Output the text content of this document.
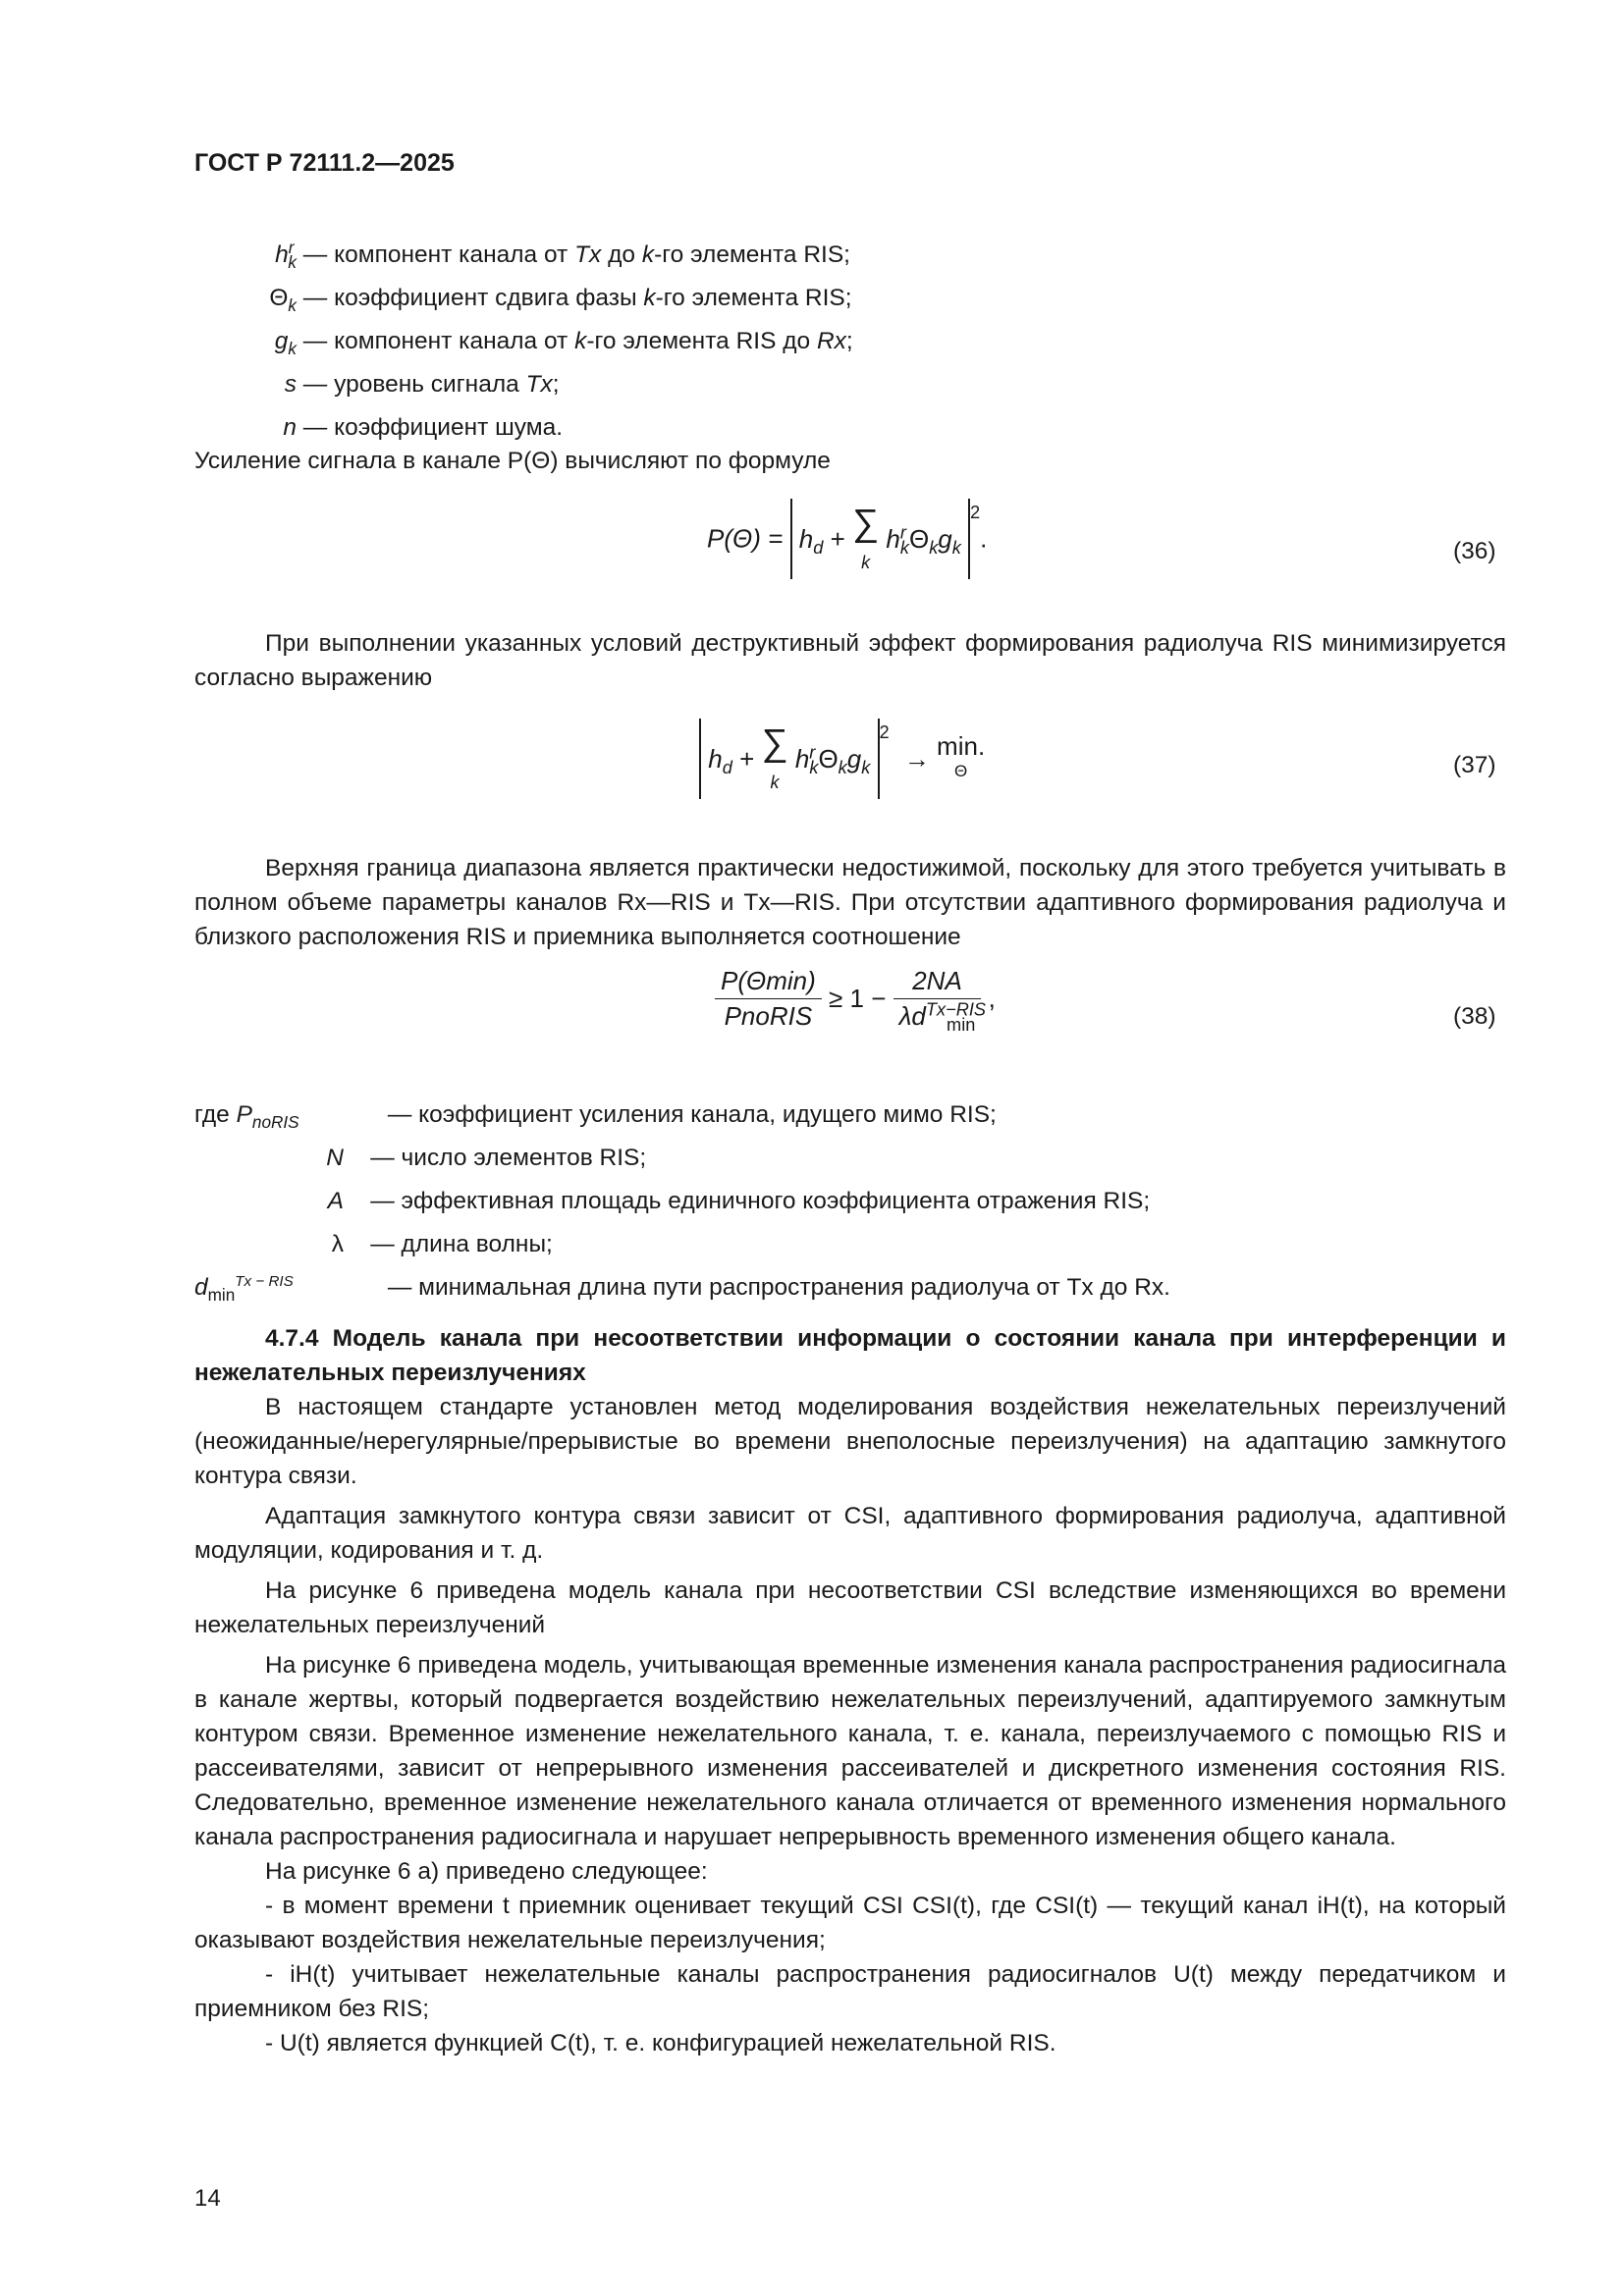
ГОСТ Р 72111.2—2025
$h^r_k$ — компонент канала от Tx до k-го элемента RIS;
$\Theta_k$ — коэффициент сдвига фазы k-го элемента RIS;
$g_k$ — компонент канала от k-го элемента RIS до Rx;
s — уровень сигнала Tx;
n — коэффициент шума.
Усиление сигнала в канале P(Θ) вычисляют по формуле
$P(\Theta) = h_d$ + ∑
k $h^r_k\Theta_kg_k$ $^2$.	(36)

При выполнении указанных условий деструктивный эффект формирования радиолуча RIS минимизируется согласно выражению

$h_d$ + ∑
k $h^r_k\Theta_kg_k$ $^2$ → min.
Θ	(37)

Верхняя граница диапазона является практически недостижимой, поскольку для этого требуется учитывать в полном объеме параметры каналов Rx—RIS и Tx—RIS. При отсутствии адаптивного формирования радиолуча и близкого расположения RIS и приемника выполняется соотношение

$\frac{P(\Theta\min)}{\text{PnoRIS}} \ge 1 - \frac{2NA}{\lambda d^{Tx-RIS}_{min}}$ ,
(38)
где $P_{noRIS}$	— коэффициент усиления канала, идущего мимо RIS;
N — число элементов RIS;
A — эффективная площадь единичного коэффициента отражения RIS;
λ — длина волны;
$d_{min}^{Tx - RIS}$	— минимальная длина пути распространения радиолуча от Tx до Rx.

4.7.4 Модель канала при несоответствии информации о состоянии канала при интерференции и нежелательных переизлучениях

В настоящем стандарте установлен метод моделирования воздействия нежелательных переизлучений (неожиданные/нерегулярные/прерывистые во времени внеполосные переизлучения) на адаптацию замкнутого контура связи.

Адаптация замкнутого контура связи зависит от CSI, адаптивного формирования радиолуча, адаптивной модуляции, кодирования и т. д.

На рисунке 6 приведена модель канала при несоответствии CSI вследствие изменяющихся во времени нежелательных переизлучений

На рисунке 6 приведена модель, учитывающая временные изменения канала распространения радиосигнала в канале жертвы, который подвергается воздействию нежелательных переизлучений, адаптируемого замкнутым контуром связи. Временное изменение нежелательного канала, т. е. канала, переизлучаемого с помощью RIS и рассеивателями, зависит от непрерывного изменения рассеивателей и дискретного изменения состояния RIS. Следовательно, временное изменение нежелательного канала отличается от временного изменения нормального канала распространения радиосигнала и нарушает непрерывность временного изменения общего канала.

На рисунке 6 а) приведено следующее:

- в момент времени t приемник оценивает текущий CSI CSI(t), где CSI(t) — текущий канал iH(t), на который оказывают воздействия нежелательные переизлучения;

- iH(t) учитывает нежелательные каналы распространения радиосигналов U(t) между передатчиком и приемником без RIS;

- U(t) является функцией C(t), т. е. конфигурацией нежелательной RIS.

14
